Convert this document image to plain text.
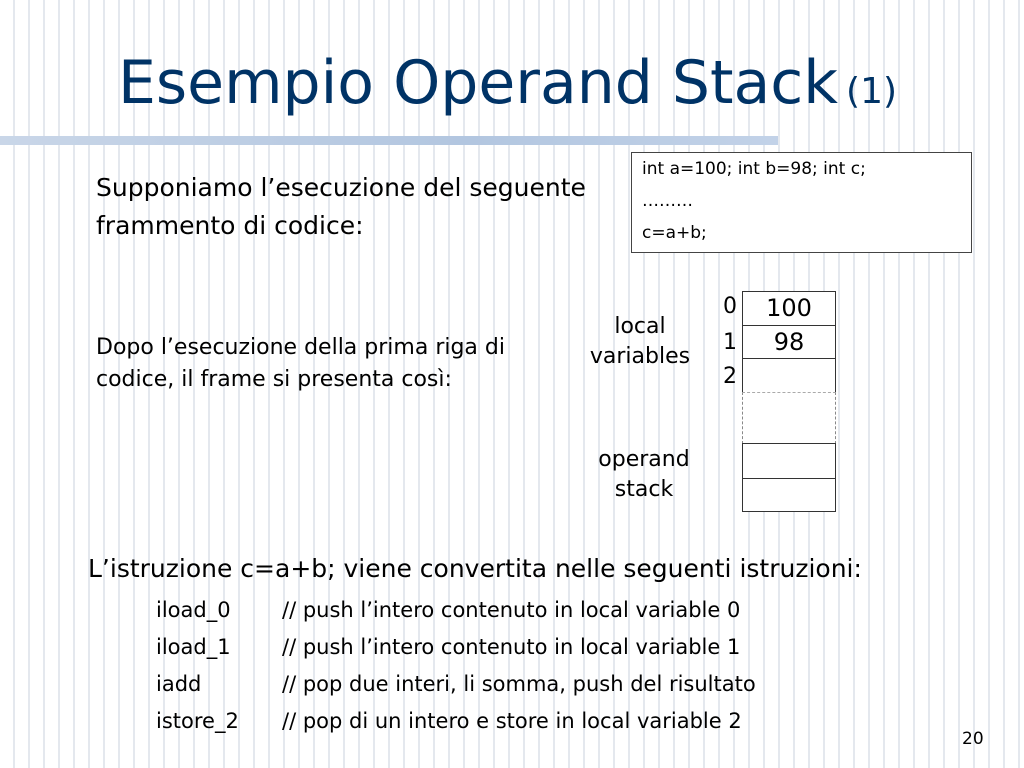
Esempio Operand Stack (1)

Supponiamo l’esecuzione del seguente frammento di codice:

int a=100; int b=98; int c;
………
c=a+b;

Dopo l’esecuzione della prima riga di codice, il frame si presenta così:

local variables
operand stack
0
1
2
100
98

L’istruzione c=a+b; viene convertita nelle seguenti istruzioni:

iload_0 // push l’intero contenuto in local variable 0
iload_1 // push l’intero contenuto in local variable 1
iadd	// pop due interi, li somma, push del risultato
istore_2 // pop di un intero e store in local variable 2
20
